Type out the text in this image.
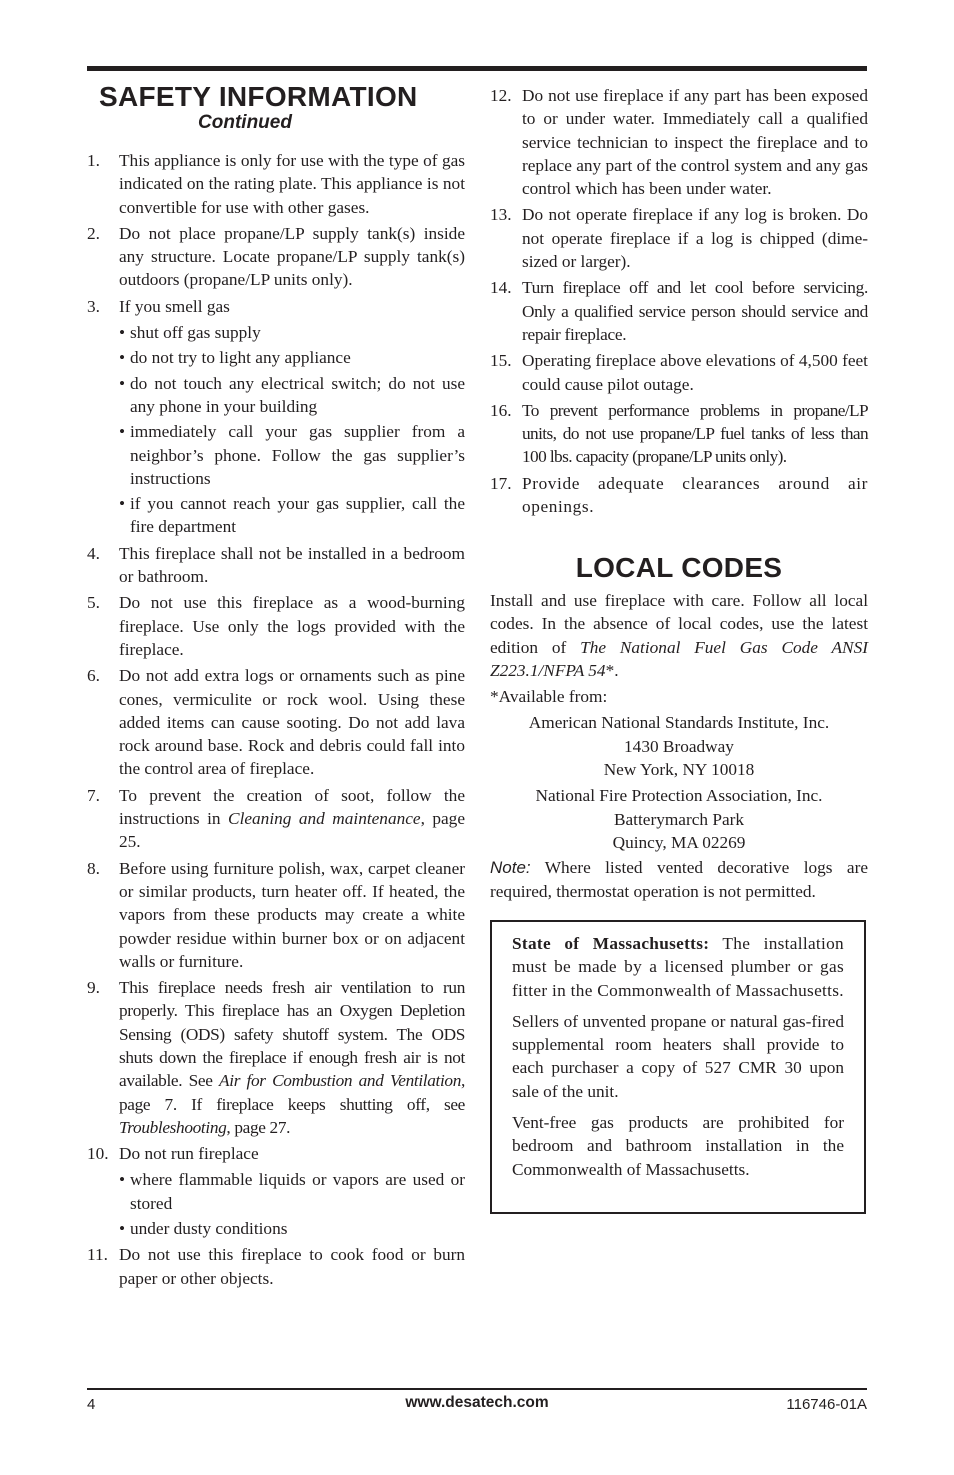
SAFETY INFORMATION
Continued
1.	This appliance is only for use with the type of gas indicated on the rating plate. This appliance is not convertible for use with other gases.
2.	Do not place propane/LP supply tank(s) inside any structure. Locate propane/LP supply tank(s) outdoors (propane/LP units only).
3.	If you smell gas
• shut off gas supply
• do not try to light any appliance
• do not touch any electrical switch; do not use any phone in your building
• immediately call your gas supplier from a neighbor’s phone. Follow the gas supplier’s instructions
• if you cannot reach your gas supplier, call the fire department
4.	This fireplace shall not be installed in a bedroom or bathroom.
5.	Do not use this fireplace as a wood-burning fireplace. Use only the logs provided with the fireplace.
6.	Do not add extra logs or ornaments such as pine cones, vermiculite or rock wool. Using these added items can cause sooting. Do not add lava rock around base. Rock and debris could fall into the control area of fireplace.
7.	To prevent the creation of soot, follow the instructions in Cleaning and maintenance, page 25.
8.	Before using furniture polish, wax, carpet cleaner or similar products, turn heater off. If heated, the vapors from these products may create a white powder residue within burner box or on adjacent walls or furniture.
9.	This fireplace needs fresh air ventilation to run properly. This fireplace has an Oxygen Depletion Sensing (ODS) safety shutoff system. The ODS shuts down the fireplace if enough fresh air is not available. See Air for Combustion and Ventilation, page 7. If fireplace keeps shutting off, see Troubleshooting, page 27.
10. Do not run fireplace
• where flammable liquids or vapors are used or stored
• under dusty conditions
11. Do not use this fireplace to cook food or burn paper or other objects.
12. Do not use fireplace if any part has been exposed to or under water. Immediately call a qualified service technician to inspect the fireplace and to replace any part of the control system and any gas control which has been under water.
13. Do not operate fireplace if any log is broken. Do not operate fireplace if a log is chipped (dime-sized or larger).
14. Turn fireplace off and let cool before servicing. Only a qualified service person should service and repair fireplace.
15. Operating fireplace above elevations of 4,500 feet could cause pilot outage.
16. To prevent performance problems in propane/LP units, do not use propane/LP fuel tanks of less than 100 lbs. capacity (propane/LP units only).
17. Provide adequate clearances around air openings.
LOCAL CODES

Install and use fireplace with care. Follow all local codes. In the absence of local codes, use the latest edition of The National Fuel Gas Code ANSI Z223.1/NFPA 54*.

*Available from:

American National Standards Institute, Inc.
1430 Broadway
New York, NY 10018
National Fire Protection Association, Inc.
Batterymarch Park
Quincy, MA 02269

Note: Where listed vented decorative logs are required, thermostat operation is not permitted.

State of Massachusetts: The installation must be made by a licensed plumber or gas fitter in the Commonwealth of Massachusetts.

Sellers of unvented propane or natural gas-fired supplemental room heaters shall provide to each purchaser a copy of 527 CMR 30 upon sale of the unit.

Vent-free gas products are prohibited for bedroom and bathroom installation in the Commonwealth of Massachusetts.

4	www.desatech.com	116746-01A
